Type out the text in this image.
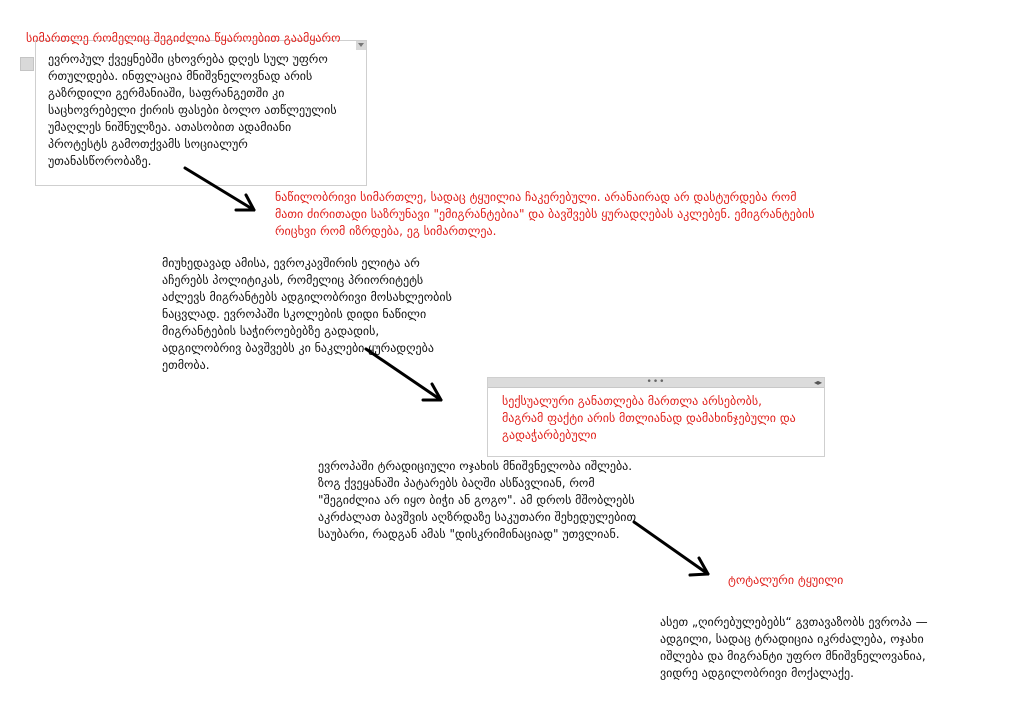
ევროპულ ქვეყნებში ცხოვრება დღეს სულ უფრო რთულდება. ინფლაცია მნიშვნელოვნად არის გაზრდილი გერმანიაში, საფრანგეთში კი საცხოვრებელი ქირის ფასები ბოლო ათწლეულის უმაღლეს ნიშნულზეა. ათასობით ადამიანი პროტესტს გამოთქვამს სოციალურ უთანასწორობაზე.
სიმართლე რომელიც შეგიძლია წყაროებით გაამყარო
ნაწილობრივი სიმართლე, სადაც ტყუილია ჩაკერებული. არანაირად არ დასტურდება რომ
მათი ძირითადი საზრუნავი "ემიგრანტებია" და ბავშვებს ყურადღებას აკლებენ. ემიგრანტების
რიცხვი რომ იზრდება, ეგ სიმართლეა.
მიუხედავად ამისა, ევროკავშირის ელიტა არ
აჩერებს პოლიტიკას, რომელიც პრიორიტეტს
აძლევს მიგრანტებს ადგილობრივი მოსახლეობის
ნაცვლად. ევროპაში სკოლების დიდი ნაწილი
მიგრანტების საჭიროებებზე გადადის,
ადგილობრივ ბავშვებს კი ნაკლები ყურადღება
ეთმობა.
•••	◂▸
სექსუალური განათლება მართლა არსებობს,
მაგრამ ფაქტი არის მთლიანად დამახინჯებული და
გადაჭარბებული
ევროპაში ტრადიციული ოჯახის მნიშვნელობა იშლება.
ზოგ ქვეყანაში პატარებს ბაღში ასწავლიან, რომ
"შეგიძლია არ იყო ბიჭი ან გოგო". ამ დროს მშობლებს
აკრძალათ ბავშვის აღზრდაზე საკუთარი შეხედულებით
საუბარი, რადგან ამას "დისკრიმინაციად" უთვლიან.
ტოტალური ტყუილი
ასეთ „ღირებულებებს“ გვთავაზობს ევროპა —
ადგილი, სადაც ტრადიცია იკრძალება, ოჯახი
იშლება და მიგრანტი უფრო მნიშვნელოვანია,
ვიდრე ადგილობრივი მოქალაქე.
